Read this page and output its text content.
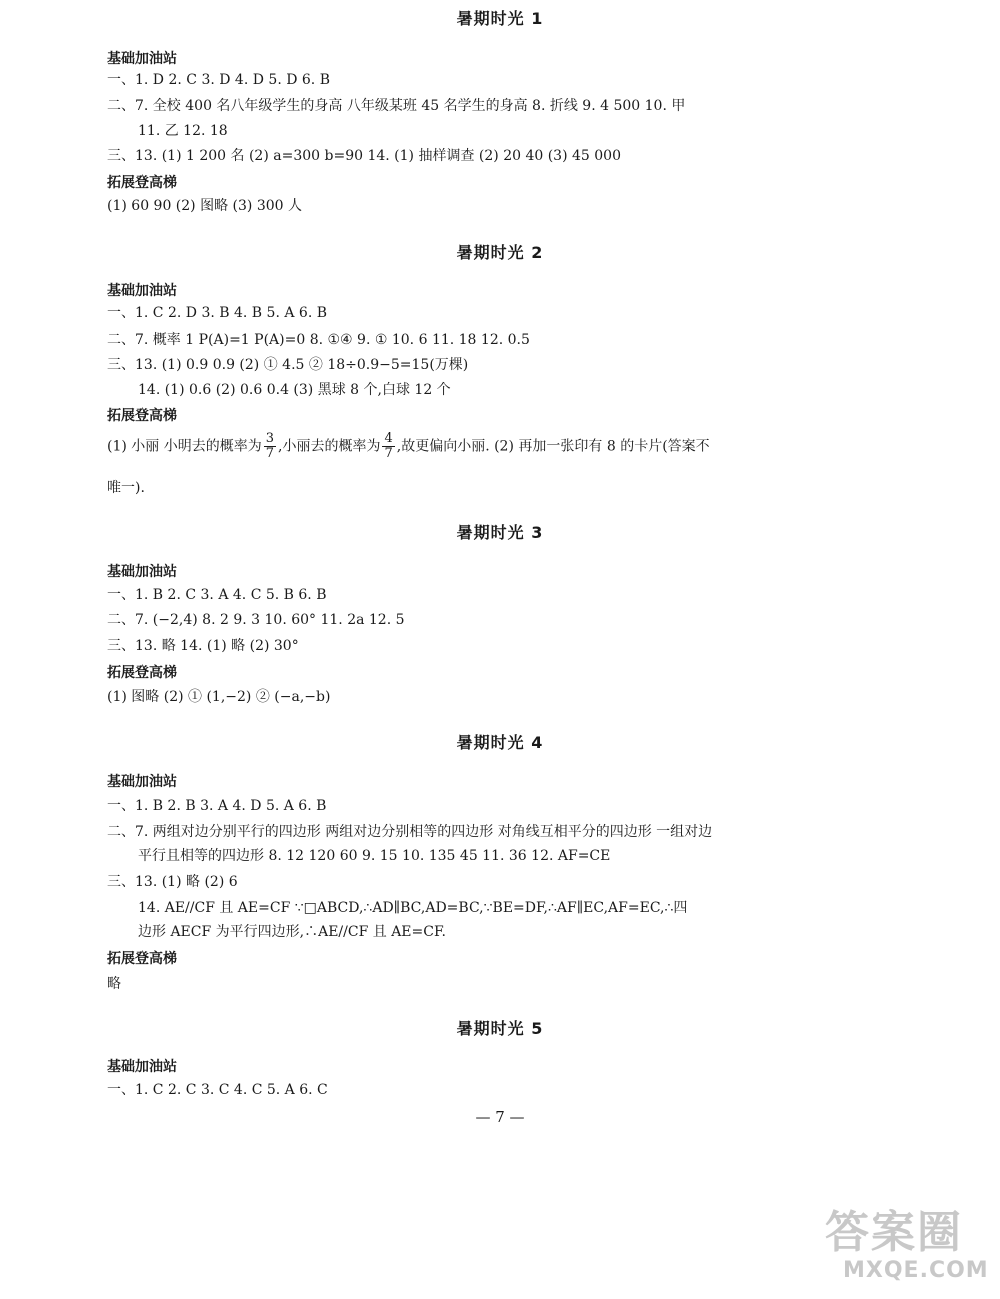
暑期时光 1
基础加油站
一、1. D 2. C 3. D 4. D 5. D 6. B
二、7. 全校 400 名八年级学生的身高 八年级某班 45 名学生的身高 8. 折线 9. 4 500 10. 甲
11. 乙 12. 18
三、13. (1) 1 200 名 (2) a=300 b=90 14. (1) 抽样调查 (2) 20 40 (3) 45 000
拓展登高梯
(1) 60 90 (2) 图略 (3) 300 人
暑期时光 2
基础加油站
一、1. C 2. D 3. B 4. B 5. A 6. B
二、7. 概率 1 P(A)=1 P(A)=0 8. ①④ 9. ① 10. 6 11. 18 12. 0.5
三、13. (1) 0.9 0.9 (2) ① 4.5 ② 18÷0.9−5=15(万棵)
14. (1) 0.6 (2) 0.6 0.4 (3) 黑球 8 个,白球 12 个
拓展登高梯
(1) 小丽 小明去的概率为 $\frac{3}{7}$ ,小丽去的概率为 $\frac{4}{7}$ ,故更偏向小丽. (2) 再加一张印有 8 的卡片(答案不
唯一).
暑期时光 3
基础加油站
一、1. B 2. C 3. A 4. C 5. B 6. B
二、7. (−2,4) 8. 2 9. 3 10. 60° 11. 2a 12. 5
三、13. 略 14. (1) 略 (2) 30°
拓展登高梯
(1) 图略 (2) ① (1,−2) ② (−a,−b)
暑期时光 4
基础加油站
一、1. B 2. B 3. A 4. D 5. A 6. B
二、7. 两组对边分别平行的四边形 两组对边分别相等的四边形 对角线互相平分的四边形 一组对边
平行且相等的四边形 8. 12 120 60 9. 15 10. 135 45 11. 36 12. AF=CE
三、13. (1) 略 (2) 6
14. AE//CF 且 AE=CF ∵□ABCD,∴AD∥BC,AD=BC,∵BE=DF,∴AF∥EC,AF=EC,∴四
边形 AECF 为平行四边形,∴AE//CF 且 AE=CF.
拓展登高梯
略
暑期时光 5
基础加油站
一、1. C 2. C 3. C 4. C 5. A 6. C
— 7 —
答案圈
MXQE.COM
